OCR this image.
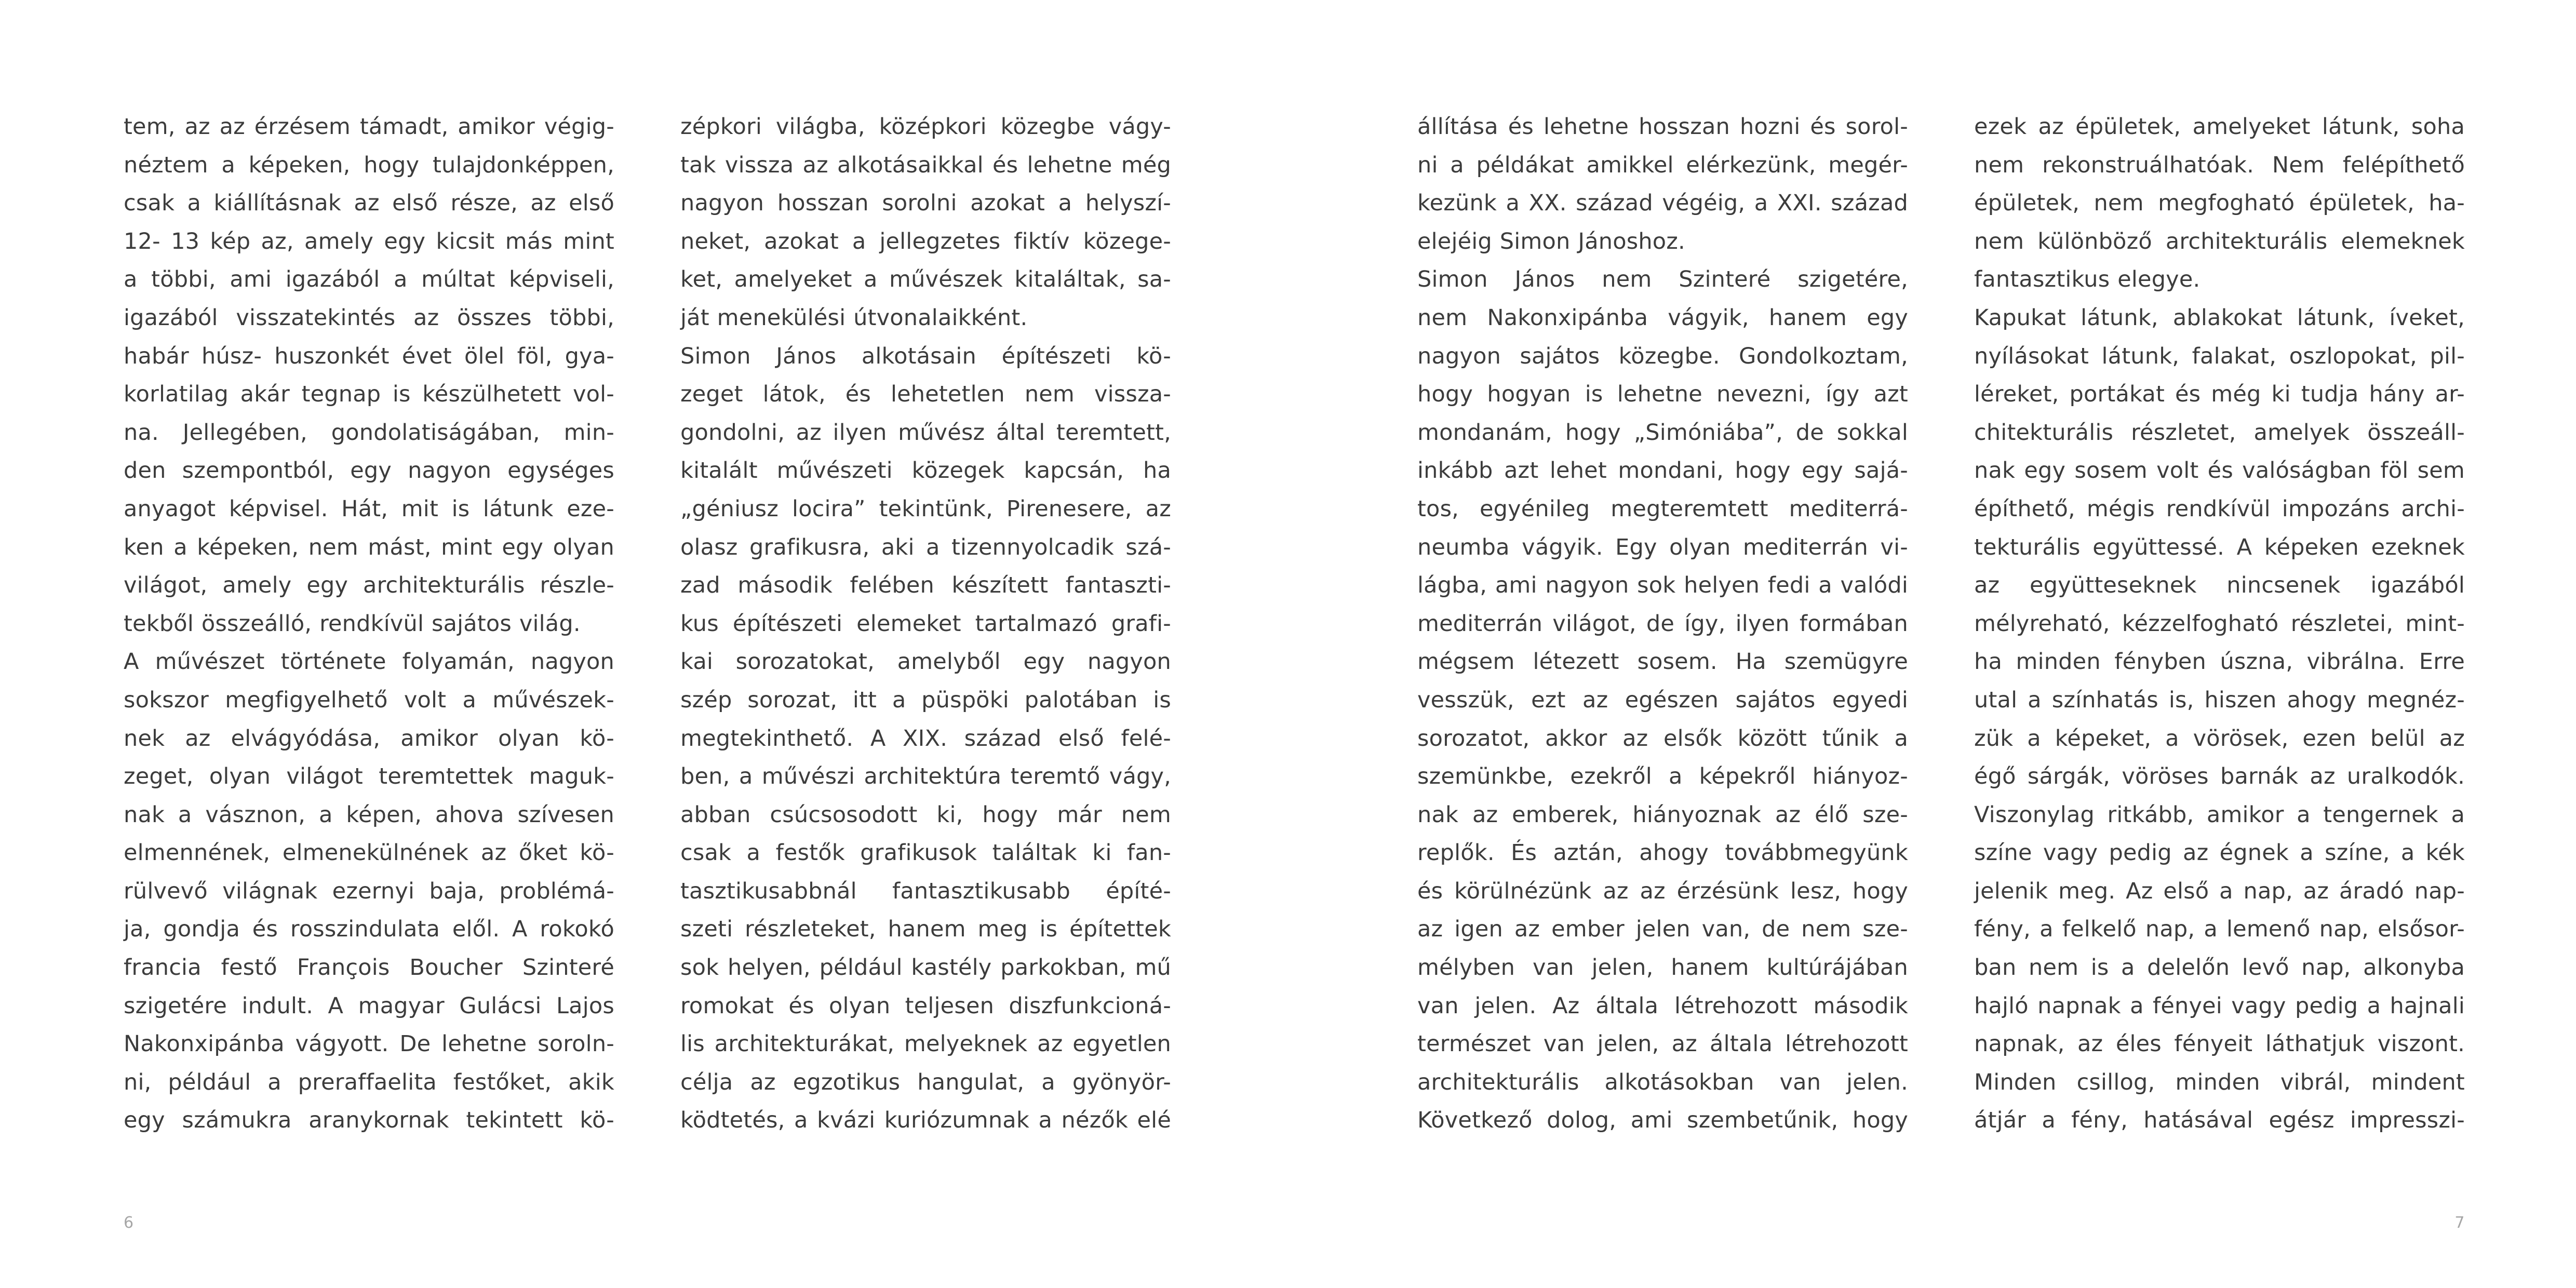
tem, az az érzésem támadt, amikor végig-
néztem a képeken, hogy tulajdonképpen,
csak a kiállításnak az első része, az első
12- 13 kép az, amely egy kicsit más mint
a többi, ami igazából a múltat képviseli,
igazából visszatekintés az összes többi,
habár húsz- huszonkét évet ölel föl, gya-
korlatilag akár tegnap is készülhetett vol-
na. Jellegében, gondolatiságában, min-
den szempontból, egy nagyon egységes
anyagot képvisel. Hát, mit is látunk eze-
ken a képeken, nem mást, mint egy olyan
világot, amely egy architekturális részle-
tekből összeálló, rendkívül sajátos világ.
A művészet története folyamán, nagyon
sokszor megfigyelhető volt a művészek-
nek az elvágyódása, amikor olyan kö-
zeget, olyan világot teremtettek maguk-
nak a vásznon, a képen, ahova szívesen
elmennének, elmenekülnének az őket kö-
rülvevő világnak ezernyi baja, problémá-
ja, gondja és rosszindulata elől. A rokokó
francia festő François Boucher Szinteré
szigetére indult. A magyar Gulácsi Lajos
Nakonxipánba vágyott. De lehetne soroln-
ni, például a preraffaelita festőket, akik
egy számukra aranykornak tekintett kö-
zépkori világba, középkori közegbe vágy-
tak vissza az alkotásaikkal és lehetne még
nagyon hosszan sorolni azokat a helyszí-
neket, azokat a jellegzetes fiktív közege-
ket, amelyeket a művészek kitaláltak, sa-
ját menekülési útvonalaikként.
Simon János alkotásain építészeti kö-
zeget látok, és lehetetlen nem vissza-
gondolni, az ilyen művész által teremtett,
kitalált művészeti közegek kapcsán, ha
„géniusz locira” tekintünk, Pirenesere, az
olasz grafikusra, aki a tizennyolcadik szá-
zad második felében készített fantaszti-
kus építészeti elemeket tartalmazó grafi-
kai sorozatokat, amelyből egy nagyon
szép sorozat, itt a püspöki palotában is
megtekinthető. A XIX. század első felé-
ben, a művészi architektúra teremtő vágy,
abban csúcsosodott ki, hogy már nem
csak a festők grafikusok találtak ki fan-
tasztikusabbnál fantasztikusabb építé-
szeti részleteket, hanem meg is építettek
sok helyen, például kastély parkokban, mű
romokat és olyan teljesen diszfunkcioná-
lis architekturákat, melyeknek az egyetlen
célja az egzotikus hangulat, a gyönyör-
ködtetés, a kvázi kuriózumnak a nézők elé
6
állítása és lehetne hosszan hozni és sorol-
ni a példákat amikkel elérkezünk, megér-
kezünk a XX. század végéig, a XXI. század
elejéig Simon Jánoshoz.
Simon János nem Szinteré szigetére,
nem Nakonxipánba vágyik, hanem egy
nagyon sajátos közegbe. Gondolkoztam,
hogy hogyan is lehetne nevezni, így azt
mondanám, hogy „Simóniába”, de sokkal
inkább azt lehet mondani, hogy egy sajá-
tos, egyénileg megteremtett mediterrá-
neumba vágyik. Egy olyan mediterrán vi-
lágba, ami nagyon sok helyen fedi a valódi
mediterrán világot, de így, ilyen formában
mégsem létezett sosem. Ha szemügyre
vesszük, ezt az egészen sajátos egyedi
sorozatot, akkor az elsők között tűnik a
szemünkbe, ezekről a képekről hiányoz-
nak az emberek, hiányoznak az élő sze-
replők. És aztán, ahogy továbbmegyünk
és körülnézünk az az érzésünk lesz, hogy
az igen az ember jelen van, de nem sze-
mélyben van jelen, hanem kultúrájában
van jelen. Az általa létrehozott második
természet van jelen, az általa létrehozott
architekturális alkotásokban van jelen.
Következő dolog, ami szembetűnik, hogy
ezek az épületek, amelyeket látunk, soha
nem rekonstruálhatóak. Nem felépíthető
épületek, nem megfogható épületek, ha-
nem különböző architekturális elemeknek
fantasztikus elegye.
Kapukat látunk, ablakokat látunk, íveket,
nyílásokat látunk, falakat, oszlopokat, pil-
léreket, portákat és még ki tudja hány ar-
chitekturális részletet, amelyek összeáll-
nak egy sosem volt és valóságban föl sem
építhető, mégis rendkívül impozáns archi-
tekturális együttessé. A képeken ezeknek
az együtteseknek nincsenek igazából
mélyreható, kézzelfogható részletei, mint-
ha minden fényben úszna, vibrálna. Erre
utal a színhatás is, hiszen ahogy megnéz-
zük a képeket, a vörösek, ezen belül az
égő sárgák, vöröses barnák az uralkodók.
Viszonylag ritkább, amikor a tengernek a
színe vagy pedig az égnek a színe, a kék
jelenik meg. Az első a nap, az áradó nap-
fény, a felkelő nap, a lemenő nap, elsősor-
ban nem is a delelőn levő nap, alkonyba
hajló napnak a fényei vagy pedig a hajnali
napnak, az éles fényeit láthatjuk viszont.
Minden csillog, minden vibrál, mindent
átjár a fény, hatásával egész impresszi-
7
